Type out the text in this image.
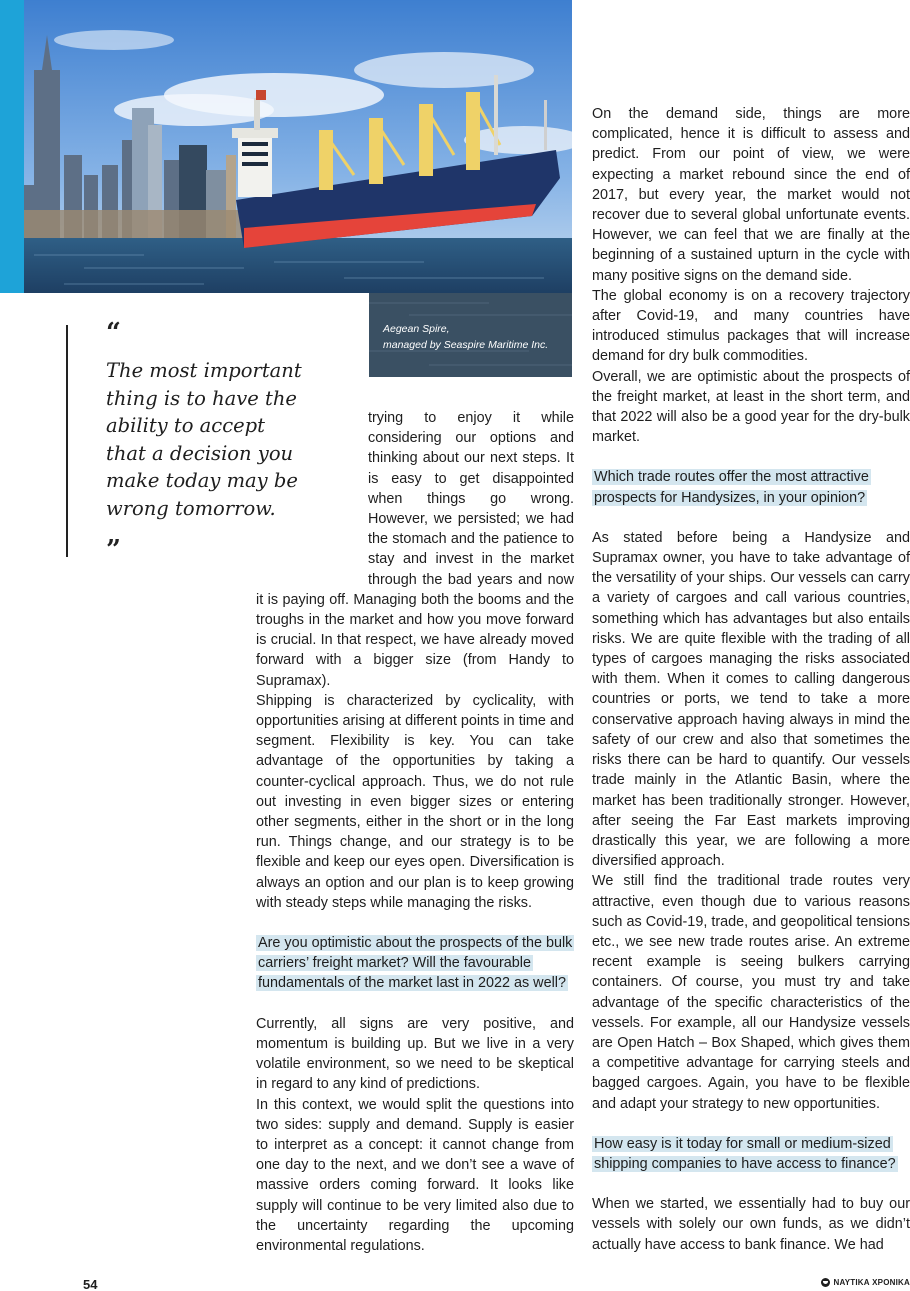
Aegean Spire,
managed by Seaspire Maritime Inc.
“
The most important thing is to have the ability to accept that a decision you make today may be wrong tomorrow.
”

trying to enjoy it while considering our options and thinking about our next steps. It is easy to get disappointed when things go wrong. However, we persisted; we had the stomach and the patience to stay and invest in the market through the bad years and now it is paying off. Managing both the booms and the troughs in the market and how you move forward is crucial. In that respect, we have already moved forward with a bigger size (from Handy to Supramax).

Shipping is characterized by cyclicality, with opportunities arising at different points in time and segment. Flexibility is key. You can take advantage of the opportunities by taking a counter-cyclical approach. Thus, we do not rule out investing in even bigger sizes or entering other segments, either in the short or in the long run. Things change, and our strategy is to be flexible and keep our eyes open. Diversification is always an option and our plan is to keep growing with steady steps while managing the risks.

Are you optimistic about the prospects of the bulk carriers’ freight market? Will the favourable fundamentals of the market last in 2022 as well?

Currently, all signs are very positive, and momentum is building up. But we live in a very volatile environment, so we need to be skeptical in regard to any kind of predictions.

In this context, we would split the questions into two sides: supply and demand. Supply is easier to interpret as a concept: it cannot change from one day to the next, and we don’t see a wave of massive orders coming forward. It looks like supply will continue to be very limited also due to the uncertainty regarding the upcoming environmental regulations.

On the demand side, things are more complicated, hence it is difficult to assess and predict. From our point of view, we were expecting a market rebound since the end of 2017, but every year, the market would not recover due to several global unfortunate events. However, we can feel that we are finally at the beginning of a sustained upturn in the cycle with many positive signs on the demand side.

The global economy is on a recovery trajectory after Covid-19, and many countries have introduced stimulus packages that will increase demand for dry bulk commodities.

Overall, we are optimistic about the prospects of the freight market, at least in the short term, and that 2022 will also be a good year for the dry-bulk market.

Which trade routes offer the most attractive prospects for Handysizes, in your opinion?

As stated before being a Handysize and Supramax owner, you have to take advantage of the versatility of your ships. Our vessels can carry a variety of cargoes and call various countries, something which has advantages but also entails risks. We are quite flexible with the trading of all types of cargoes managing the risks associated with them. When it comes to calling dangerous countries or ports, we tend to take a more conservative approach having always in mind the safety of our crew and also that sometimes the risks there can be hard to quantify. Our vessels trade mainly in the Atlantic Basin, where the market has been traditionally stronger. However, after seeing the Far East markets improving drastically this year, we are following a more diversified approach.

We still find the traditional trade routes very attractive, even though due to various reasons such as Covid-19, trade, and geopolitical tensions etc., we see new trade routes arise. An extreme recent example is seeing bulkers carrying containers. Of course, you must try and take advantage of the specific characteristics of the vessels. For example, all our Handysize vessels are Open Hatch – Box Shaped, which gives them a competitive advantage for carrying steels and bagged cargoes. Again, you have to be flexible and adapt your strategy to new opportunities.

How easy is it today for small or medium-sized shipping companies to have access to finance?

When we started, we essentially had to buy our vessels with solely our own funds, as we didn’t actually have access to bank finance. We had

54	ΝΑΥΤΙΚΑ ΧΡΟΝΙΚΑ
